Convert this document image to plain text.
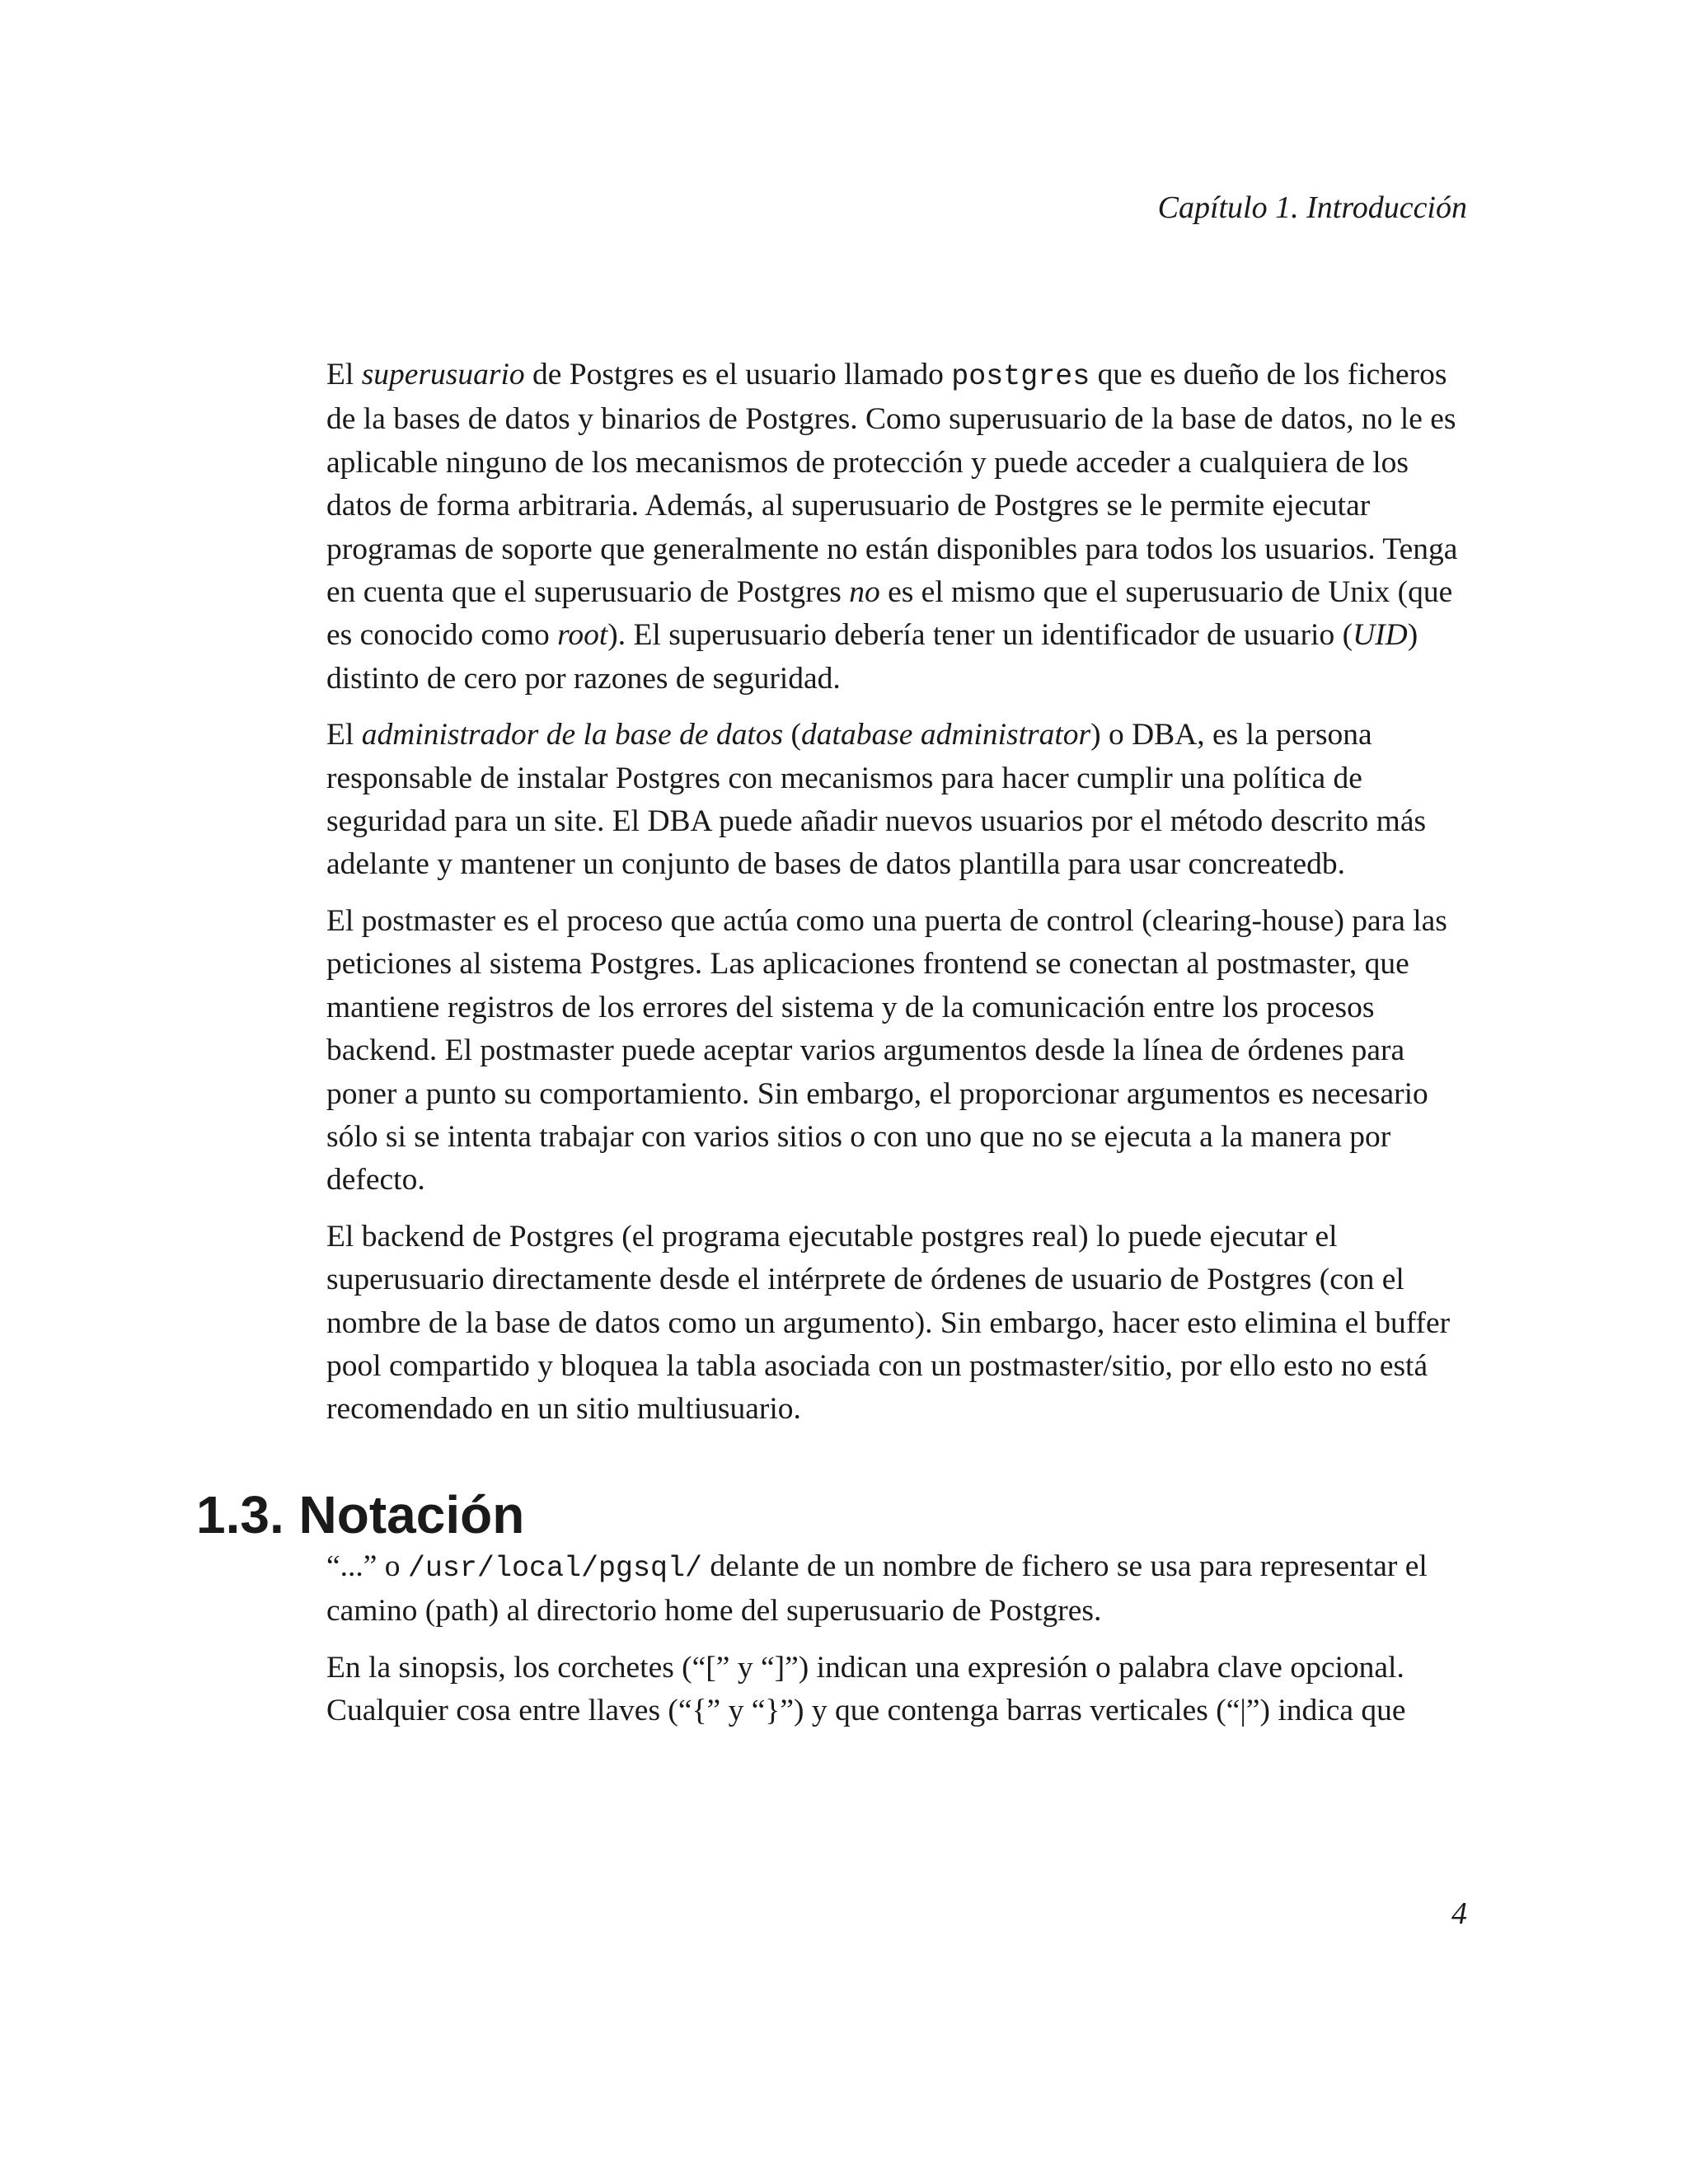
Capítulo 1. Introducción

El superusuario de Postgres es el usuario llamado postgres que es dueño de los ficheros de la bases de datos y binarios de Postgres. Como superusuario de la base de datos, no le es aplicable ninguno de los mecanismos de protección y puede acceder a cualquiera de los datos de forma arbitraria. Además, al superusuario de Postgres se le permite ejecutar programas de soporte que generalmente no están disponibles para todos los usuarios. Tenga en cuenta que el superusuario de Postgres no es el mismo que el superusuario de Unix (que es conocido como root). El superusuario debería tener un identificador de usuario (UID) distinto de cero por razones de seguridad.

El administrador de la base de datos (database administrator) o DBA, es la persona responsable de instalar Postgres con mecanismos para hacer cumplir una política de seguridad para un site. El DBA puede añadir nuevos usuarios por el método descrito más adelante y mantener un conjunto de bases de datos plantilla para usar concreatedb.

El postmaster es el proceso que actúa como una puerta de control (clearing-house) para las peticiones al sistema Postgres. Las aplicaciones frontend se conectan al postmaster, que mantiene registros de los errores del sistema y de la comunicación entre los procesos backend. El postmaster puede aceptar varios argumentos desde la línea de órdenes para poner a punto su comportamiento. Sin embargo, el proporcionar argumentos es necesario sólo si se intenta trabajar con varios sitios o con uno que no se ejecuta a la manera por defecto.

El backend de Postgres (el programa ejecutable postgres real) lo puede ejecutar el superusuario directamente desde el intérprete de órdenes de usuario de Postgres (con el nombre de la base de datos como un argumento). Sin embargo, hacer esto elimina el buffer pool compartido y bloquea la tabla asociada con un postmaster/sitio, por ello esto no está recomendado en un sitio multiusuario.

1.3. Notación

“...” o /usr/local/pgsql/ delante de un nombre de fichero se usa para representar el camino (path) al directorio home del superusuario de Postgres.

En la sinopsis, los corchetes (“[” y “]”) indican una expresión o palabra clave opcional. Cualquier cosa entre llaves (“{” y “}”) y que contenga barras verticales (“|”) indica que

4
